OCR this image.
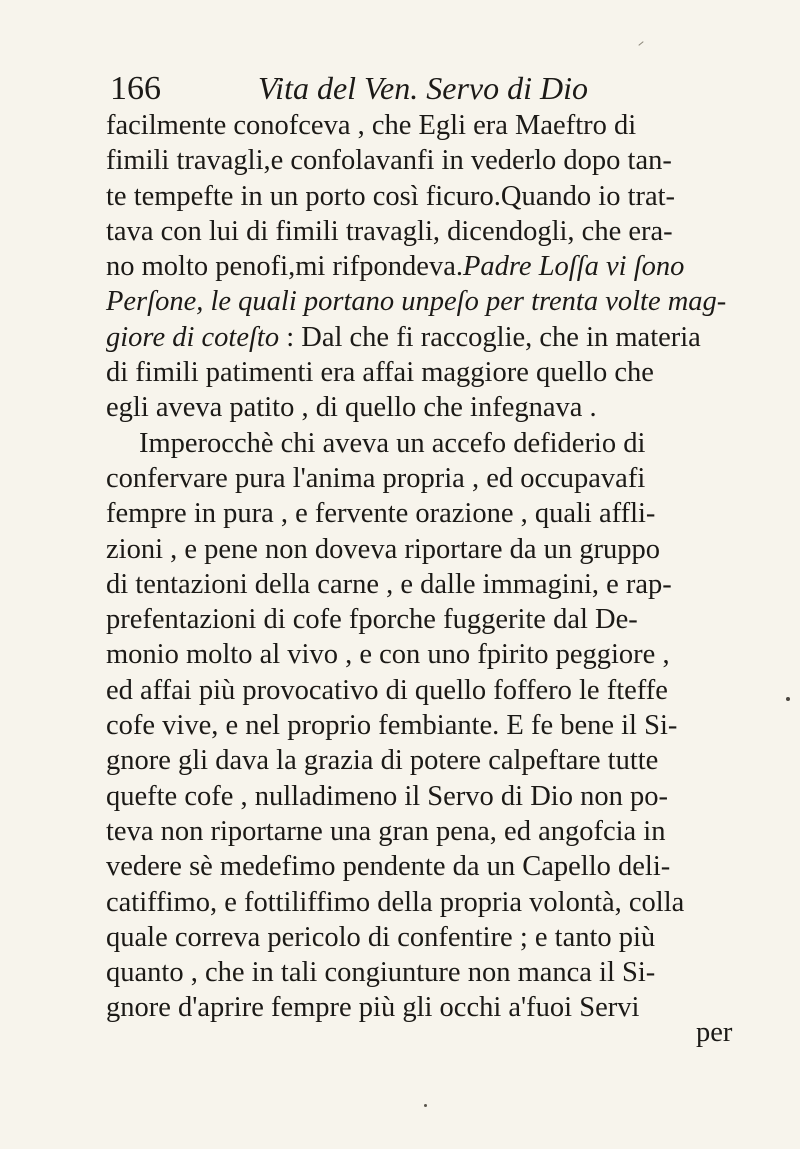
166	Vita del Ven. Servo di Dio
facilmente conofceva , che Egli era Maeftro di
fimili travagli,e confolavanfi in vederlo dopo tan-
te tempefte in un porto così ficuro.Quando io trat-
tava con lui di fimili travagli, dicendogli, che era-
no molto penofi,mi rifpondeva.Padre Loſſa vi ſono
Perſone, le quali portano unpeſo per trenta volte mag-
giore di coteſto : Dal che fi raccoglie, che in materia
di fimili patimenti era affai maggiore quello che
egli aveva patito , di quello che infegnava .
Imperocchè chi aveva un accefo defiderio di
confervare pura l'anima propria , ed occupavafi
fempre in pura , e fervente orazione , quali affli-
zioni , e pene non doveva riportare da un gruppo
di tentazioni della carne , e dalle immagini, e rap-
prefentazioni di cofe fporche fuggerite dal De-
monio molto al vivo , e con uno fpirito peggiore ,
ed affai più provocativo di quello foffero le fteffe
cofe vive, e nel proprio fembiante. E fe bene il Si-
gnore gli dava la grazia di potere calpeftare tutte
quefte cofe , nulladimeno il Servo di Dio non po-
teva non riportarne una gran pena, ed angofcia in
vedere sè medefimo pendente da un Capello deli-
catiffimo, e fottiliffimo della propria volontà, colla
quale correva pericolo di confentire ; e tanto più
quanto , che in tali congiunture non manca il Si-
gnore d'aprire fempre più gli occhi a'fuoi Servi
per
